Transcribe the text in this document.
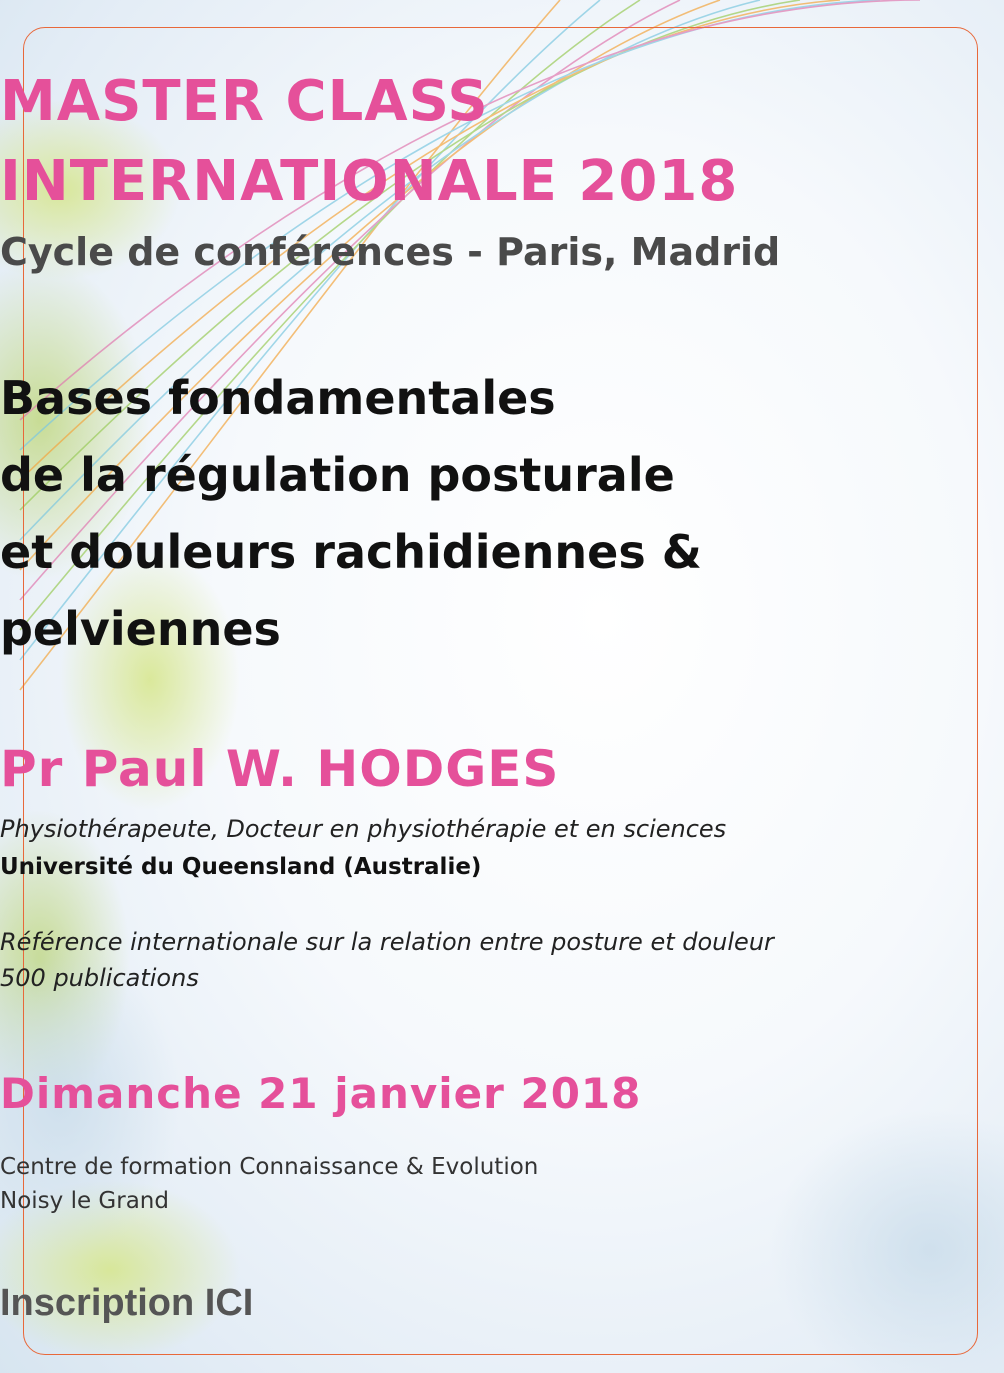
MASTER CLASS
INTERNATIONALE 2018
Cycle de conférences - Paris, Madrid
Bases fondamentales
de la régulation posturale
et douleurs rachidiennes &
pelviennes
Pr Paul W. HODGES
Physiothérapeute, Docteur en physiothérapie et en sciences
Université du Queensland (Australie)
Référence internationale sur la relation entre posture et douleur
500 publications
Dimanche 21 janvier 2018
Centre de formation Connaissance & Evolution
Noisy le Grand
Inscription ICI
